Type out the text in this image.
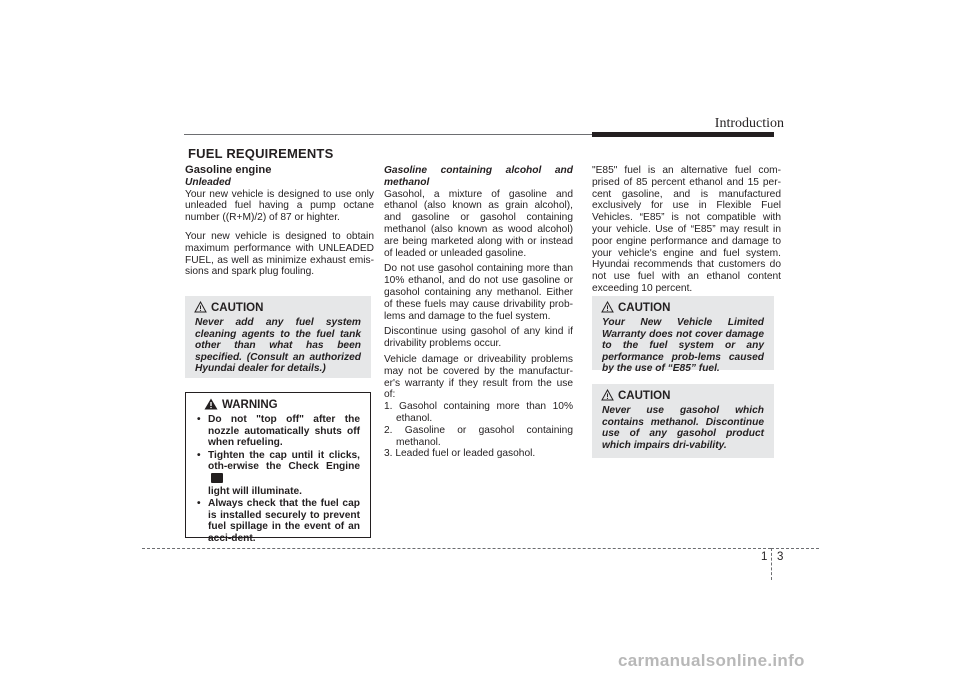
Introduction
FUEL REQUIREMENTS

Gasoline engine

Unleaded

Your new vehicle is designed to use only unleaded fuel having a pump octane number ((R+M)/2) of 87 or highter.

Your new vehicle is designed to obtain maximum performance with UNLEADED FUEL, as well as minimize exhaust emis-sions and spark plug fouling.

CAUTION

Never add any fuel system cleaning agents to the fuel tank other than what has been specified. (Consult an authorized Hyundai dealer for details.)

WARNING
• Do not "top off" after the nozzle automatically shuts off when refueling.
• Tighten the cap until it clicks, oth-erwise the Check Engine
light will illuminate.
• Always check that the fuel cap is installed securely to prevent fuel spillage in the event of an acci-dent.

Gasoline containing alcohol and methanol

Gasohol, a mixture of gasoline and ethanol (also known as grain alcohol), and gasoline or gasohol containing methanol (also known as wood alcohol) are being marketed along with or instead of leaded or unleaded gasoline.

Do not use gasohol containing more than 10% ethanol, and do not use gasoline or gasohol containing any methanol. Either of these fuels may cause drivability prob-lems and damage to the fuel system.

Discontinue using gasohol of any kind if drivability problems occur.

Vehicle damage or driveability problems may not be covered by the manufactur-er's warranty if they result from the use of:

1. Gasohol containing more than 10% ethanol.
2. Gasoline or gasohol containing methanol.
3. Leaded fuel or leaded gasohol.

"E85" fuel is an alternative fuel com-prised of 85 percent ethanol and 15 per-cent gasoline, and is manufactured exclusively for use in Flexible Fuel Vehicles. “E85” is not compatible with your vehicle. Use of “E85” may result in poor engine performance and damage to your vehicle's engine and fuel system. Hyundai recommends that customers do not use fuel with an ethanol content exceeding 10 percent.

CAUTION

Your New Vehicle Limited Warranty does not cover damage to the fuel system or any performance prob-lems caused by the use of “E85” fuel.

CAUTION

Never use gasohol which contains methanol. Discontinue use of any gasohol product which impairs dri-vability.

1 3
carmanualsonline.info
